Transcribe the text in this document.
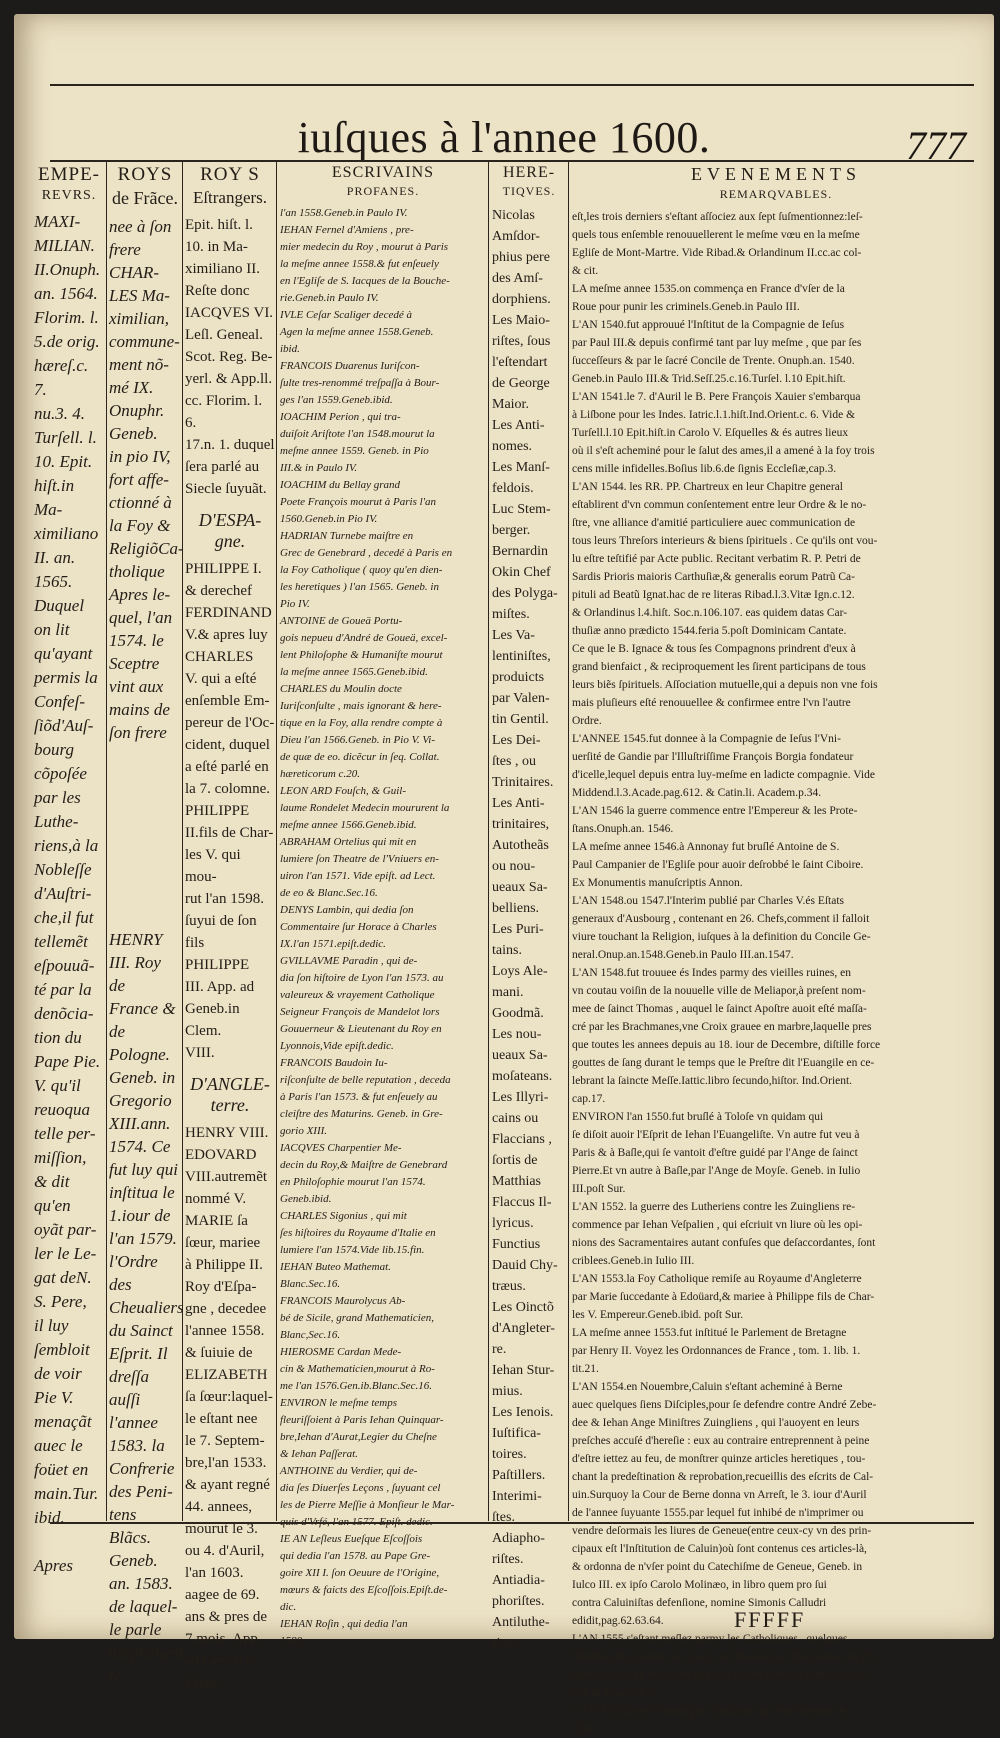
iuſques à l'annee 1600.	777
EMPE-
REVRS.

MAXI-
MILIAN.
II.Onuph.
an. 1564.
Florim. l.
5.de orig.
hæreſ.c. 7.
nu.3. 4.
Turſell. l.
10. Epit.
hiſt.in Ma-
ximiliano
II. an.
1565.
Duquel
on lit
qu'ayant
permis la
Confeſ-
ſiõd'Auſ-
bourg
cõpoſée
par les
Luthe-
riens,à la
Nobleſſe
d'Auſtri-
che,il fut
tellemẽt
eſpouuã-
té par la
denõcia-
tion du
Pape Pie.
V. qu'il
reuoqua
telle per-
miſſion,
& dit
qu'en
oyãt par-
ler le Le-
gat deN.
S. Pere,
il luy
ſembloit
de voir
Pie V.
menaçãt
auec le
foüet en
main.Tur.
ibid.

Apres

ROYS
de Frãce.

nee à ſon
frere
CHAR-
LES Ma-
ximilian,
commune-
ment nõ-
mé IX.
Onuphr.
Geneb.
in pio IV,
fort affe-
ctionné à
la Foy &
ReligiõCa-
tholique
Apres le-
quel, l'an
1574. le
Sceptre
vint aux
mains de
ſon frere

HENRY
III. Roy de
France &
de Pologne.
Geneb. in
Gregorio
XIII.ann.
1574. Ce
fut luy qui
inſtitua le
1.iour de
l'an 1579.
l'Ordre des
Cheualiers
du Sainct
Eſprit. Il
dreſſa auſſi
l'annee
1583. la
Confrerie
des Peni-
tens Blãcs.
Geneb.
an. 1583.
de laquel-
le parle
amplement
le

ROY S
Eſtrangers.

Epit. hiſt. l.
10. in Ma-
ximiliano II.
Reſte donc
IACQVES VI.
Leſl. Geneal.
Scot. Reg. Be-
yerl. & App.ll.
cc. Florim. l. 6.
17.n. 1. duquel
ſera parlé au
Siecle ſuyuãt.

D'ESPA-
gne.

PHILIPPE I.
& derechef
FERDINAND
V.& apres luy
CHARLES
V. qui a eſté
enſemble Em-
pereur de l'Oc-
cident, duquel
a eſté parlé en
la 7. colomne.
PHILIPPE
II.fils de Char-
les V. qui mou-
rut l'an 1598.
ſuyui de ſon
fils
PHILIPPE
III. App. ad
Geneb.in Clem.
VIII.

D'ANGLE-
terre.

HENRY VIII.
EDOVARD
VIII.autremẽt
nommé V.
MARIE ſa
ſœur, mariee
à Philippe II.
Roy d'Eſpa-
gne , decedee
l'annee 1558.
& ſuiuie de
ELIZABETH
ſa ſœur:laquel-
le eſtant nee
le 7. Septem-
bre,l'an 1533.
& ayant regné
44. annees,
mourut le 3.
ou 4. d'Auril,
l'an 1603.
aagee de 69.
ans & pres de
7.mois. App.
ad Geneb.in
Clem.

ESCRIVAINS
PROFANES.

l'an 1558.Geneb.in Paulo IV.
IEHAN Fernel d'Amiens , pre-
mier medecin du Roy , mourut à Paris
la meſme annee 1558.& fut enſeuely
en l'Egliſe de S. Iacques de la Bouche-
rie.Geneb.in Paulo IV.
IVLE Ceſar Scaliger decedé à
Agen la meſme annee 1558.Geneb.
ibid.
FRANCOIS Duarenus Iuriſcon-
ſulte tres-renommé treſpaſſa à Bour-
ges l'an 1559.Geneb.ibid.
IOACHIM Perion , qui tra-
duiſoit Ariſtote l'an 1548.mourut la
meſme annee 1559. Geneb. in Pio
III.& in Paulo IV.
IOACHIM du Bellay grand
Poete François mourut à Paris l'an
1560.Geneb.in Pio IV.
HADRIAN Turnebe maiſtre en
Grec de Genebrard , decedé à Paris en
la Foy Catholique ( quoy qu'en dien-
les heretiques ) l'an 1565. Geneb. in
Pio IV.
ANTOINE de Goueä Portu-
gois nepueu d'André de Goueä, excel-
lent Philoſophe & Humaniſte mourut
la meſme annee 1565.Geneb.ibid.
CHARLES du Moulin docte
Iuriſconſulte , mais ignorant & here-
tique en la Foy, alla rendre compte à
Dieu l'an 1566.Geneb. in Pio V. Vi-
de quæ de eo. dicẽcur in ſeq. Collat.
hæreticorum c.20.
LEON ARD Fouſch, & Guil-
laume Rondelet Medecin moururent la
meſme annee 1566.Geneb.ibid.
ABRAHAM Ortelius qui mit en
lumiere ſon Theatre de l'Vniuers en-
uiron l'an 1571. Vide epiſt. ad Lect.
de eo & Blanc.Sec.16.
DENYS Lambin, qui dedia ſon
Commentaire ſur Horace à Charles
IX.l'an 1571.epiſt.dedic.
GVILLAVME Paradin , qui de-
dia ſon hiſtoire de Lyon l'an 1573. au
valeureux & vrayement Catholique
Seigneur François de Mandelot lors
Gouuerneur & Lieutenant du Roy en
Lyonnois,Vide epiſt.dedic.
FRANCOIS Baudoin Iu-
riſconſulte de belle reputation , deceda
à Paris l'an 1573. & fut enſeuely au
cleiſtre des Maturins. Geneb. in Gre-
gorio XIII.
IACQVES Charpentier Me-
decin du Roy,& Maiſtre de Genebrard
en Philoſophie mourut l'an 1574.
Geneb.ibid.
CHARLES Sigonius , qui mit
ſes hiſtoires du Royaume d'Italie en
lumiere l'an 1574.Vide lib.15.fin.
IEHAN Buteo Mathemat.
Blanc.Sec.16.
FRANCOIS Maurolycus Ab-
bé de Sicile, grand Mathematicien,
Blanc,Sec.16.
HIEROSME Cardan Mede-
cin & Mathematicien,mourut à Ro-
me l'an 1576.Gen.ib.Blanc.Sec.16.
ENVIRON le meſme temps
fleuriſſoient à Paris Iehan Quinquar-
bre,Iehan d'Aurat,Legier du Cheſne
& Iehan Paſſerat.
ANTHOINE du Verdier, qui de-
dia ſes Diuerſes Leçons , ſuyuant cel
les de Pierre Meſſie à Monſieur le Mar-
quis d'Vrfé, l'an 1577. Epiſt. dedic.
IE AN Leſleus Eueſque Eſcoſſois
qui dedia l'an 1578. au Pape Gre-
goire XII I. ſon Oeuure de l'Origine,
mœurs & faicts des Eſcoſſois.Epiſt.de-
dic.
IEHAN Roſin , qui dedia l'an
1580

HERE-
TIQVES.

Nicolas
Amſdor-
phius pere
des Amſ-
dorphiens.
Les Maio-
riſtes, ſous
l'eſtendart
de George
Maior.
Les Anti-
nomes.
Les Manſ-
feldois.
Luc Stem-
berger.
Bernardin
Okin Chef
des Polyga-
miſtes.
Les Va-
lentiniſtes,
produicts
par Valen-
tin Gentil.
Les Dei-
ſtes , ou
Trinitaires.
Les Anti-
trinitaires,
Autotheãs
ou nou-
ueaux Sa-
belliens.
Les Puri-
tains.
Loys Ale-
mani.
Goodmã.
Les nou-
ueaux Sa-
moſateans.
Les Illyri-
cains ou
Flaccians ,
ſortis de
Matthias
Flaccus Il-
lyricus.
Functius
Dauid Chy-
træus.
Les Oinctõ
d'Angleter-
re.
Iehan Stur-
mius.
Les Ienois.
Iuſtifica-
toires.
Paſtillers.
Interimi-
ſtes.
Adiapho-
riſtes.
Antiadia-
phoriſtes.
Antiluthe-
riens

EVENEMENTS
REMARQVABLES.

eſt,les trois derniers s'eſtant aſſociez aux ſept ſuſmentionnez:leſ-
quels tous enſemble renouuellerent le meſme vœu en la meſme
Egliſe de Mont-Martre. Vide Ribad.& Orlandinum II.cc.ac col-
& cit.
LA meſme annee 1535.on commença en France d'vſer de la
Roue pour punir les criminels.Geneb.in Paulo III.
L'AN 1540.fut approuué l'Inſtitut de la Compagnie de Ieſus
par Paul III.& depuis confirmé tant par luy meſme , que par ſes
ſucceſſeurs & par le ſacré Concile de Trente. Onuph.an. 1540.
Geneb.in Paulo III.& Trid.Seſſ.25.c.16.Turſel. l.10 Epit.hiſt.
L'AN 1541.le 7. d'Auril le B. Pere François Xauier s'embarqua
à Liſbone pour les Indes. Iatric.l.1.hiſt.Ind.Orient.c. 6. Vide &
Turſell.l.10 Epit.hiſt.in Carolo V. Eſquelles & és autres lieux
où il s'eſt acheminé pour le ſalut des ames,il a amené à la foy trois
cens mille infidelles.Boſius lib.6.de ſignis Eccleſiæ,cap.3.
L'AN 1544. les RR. PP. Chartreux en leur Chapitre general
eſtablirent d'vn commun conſentement entre leur Ordre & le no-
ſtre, vne alliance d'amitié particuliere auec communication de
tous leurs Threſors interieurs & biens ſpirituels . Ce qu'ils ont vou-
lu eſtre teſtifié par Acte public. Recitant verbatim R. P. Petri de
Sardis Prioris maioris Carthuſiæ,& generalis eorum Patrũ Ca-
pituli ad Beatũ Ignat.hac de re literas Ribad.l.3.Vitæ Ign.c.12.
& Orlandinus l.4.hiſt. Soc.n.106.107. eas quidem datas Car-
thuſiæ anno prædicto 1544.feria 5.poſt Dominicam Cantate.
Ce que le B. Ignace & tous ſes Compagnons prindrent d'eux à
grand bienfaict , & reciproquement les ſirent participans de tous
leurs biẽs ſpirituels. Aſſociation mutuelle,qui a depuis non vne fois
mais pluſieurs eſté renouuellee & confirmee entre l'vn l'autre
Ordre.
L'ANNEE 1545.fut donnee à la Compagnie de Ieſus l'Vni-
uerſité de Gandie par l'Illuſtriſſime François Borgia fondateur
d'icelle,lequel depuis entra luy-meſme en ladicte compagnie. Vide
Middend.l.3.Acade.pag.612. & Catin.li. Academ.p.34.
L'AN 1546 la guerre commence entre l'Empereur & les Prote-
ſtans.Onuph.an. 1546.
LA meſme annee 1546.à Annonay fut bruſlé Antoine de S.
Paul Campanier de l'Egliſe pour auoir deſrobbé le ſaint Ciboire.
Ex Monumentis manuſcriptis Annon.
L'AN 1548.ou 1547.l'Interim publié par Charles V.és Eſtats
generaux d'Ausbourg , contenant en 26. Chefs,comment il falloit
viure touchant la Religion, iuſques à la definition du Concile Ge-
neral.Onup.an.1548.Geneb.in Paulo III.an.1547.
L'AN 1548.fut trouuee és Indes parmy des vieilles ruines, en
vn coutau voiſin de la nouuelle ville de Meliapor,à preſent nom-
mee de ſainct Thomas , auquel le ſainct Apoſtre auoit eſté maſſa-
cré par les Brachmanes,vne Croix grauee en marbre,laquelle pres
que toutes les annees depuis au 18. iour de Decembre, diſtille force
gouttes de ſang durant le temps que le Preſtre dit l'Euangile en ce-
lebrant la ſaincte Meſſe.Iattic.libro ſecundo,hiſtor. Ind.Orient.
cap.17.
ENVIRON l'an 1550.fut bruſlé à Toloſe vn quidam qui
ſe diſoit auoir l'Eſprit de Iehan l'Euangeliſte. Vn autre fut veu à
Paris & à Baſle,qui ſe vantoit d'eſtre guidé par l'Ange de ſainct
Pierre.Et vn autre à Baſle,par l'Ange de Moyſe. Geneb. in Iulio
III.poſt Sur.
L'AN 1552. la guerre des Lutheriens contre les Zuingliens re-
commence par Iehan Veſpalien , qui eſcriuit vn liure où les opi-
nions des Sacramentaires autant confuſes que deſaccordantes, ſont
criblees.Geneb.in Iulio III.
L'AN 1553.la Foy Catholique remiſe au Royaume d'Angleterre
par Marie ſuccedante à Edoüard,& mariee à Philippe fils de Char-
les V. Empereur.Geneb.ibid. poſt Sur.
LA meſme annee 1553.fut inſtitué le Parlement de Bretagne
par Henry II. Voyez les Ordonnances de France , tom. 1. lib. 1.
tit.21.
L'AN 1554.en Nouembre,Caluin s'eſtant acheminé à Berne
auec quelques ſiens Diſciples,pour ſe defendre contre André Zebe-
dee & Iehan Ange Miniſtres Zuingliens , qui l'auoyent en leurs
preſches accuſé d'hereſie : eux au contraire entreprennent à peine
d'eſtre iettez au feu, de monſtrer quinze articles heretiques , tou-
chant la predeſtination & reprobation,recueillis des eſcrits de Cal-
uin.Surquoy la Cour de Berne donna vn Arreſt, le 3. iour d'Auril
de l'annee ſuyuante 1555.par lequel fut inhibé de n'imprimer ou
vendre deſormais les liures de Geneue(entre ceux-cy vn des prin-
cipaux eſt l'Inſtitution de Caluin)où ſont contenus ces articles-là,
& ordonna de n'vſer point du Catechiſme de Geneue, Geneb. in
Iulco III. ex ipſo Carolo Molinæo, in libro quem pro ſui
contra Caluiniſtas defenſione, nomine Simonis Calludri
edidit,pag.62.63.64.
L'AN 1555.s'eſtant meſlez parmy les Catholiques , quelques
Miniſtres Huguenots au voyage de Nicolas de Villegaignon en l'A-
merique,ils n'en receurent que leur courte honte & confuſion.Ge-
neb.in Marcello II.
L'AN 1555.furent fondez par Guillaume du Prat Eueſque de
Cler-

FFFFF
